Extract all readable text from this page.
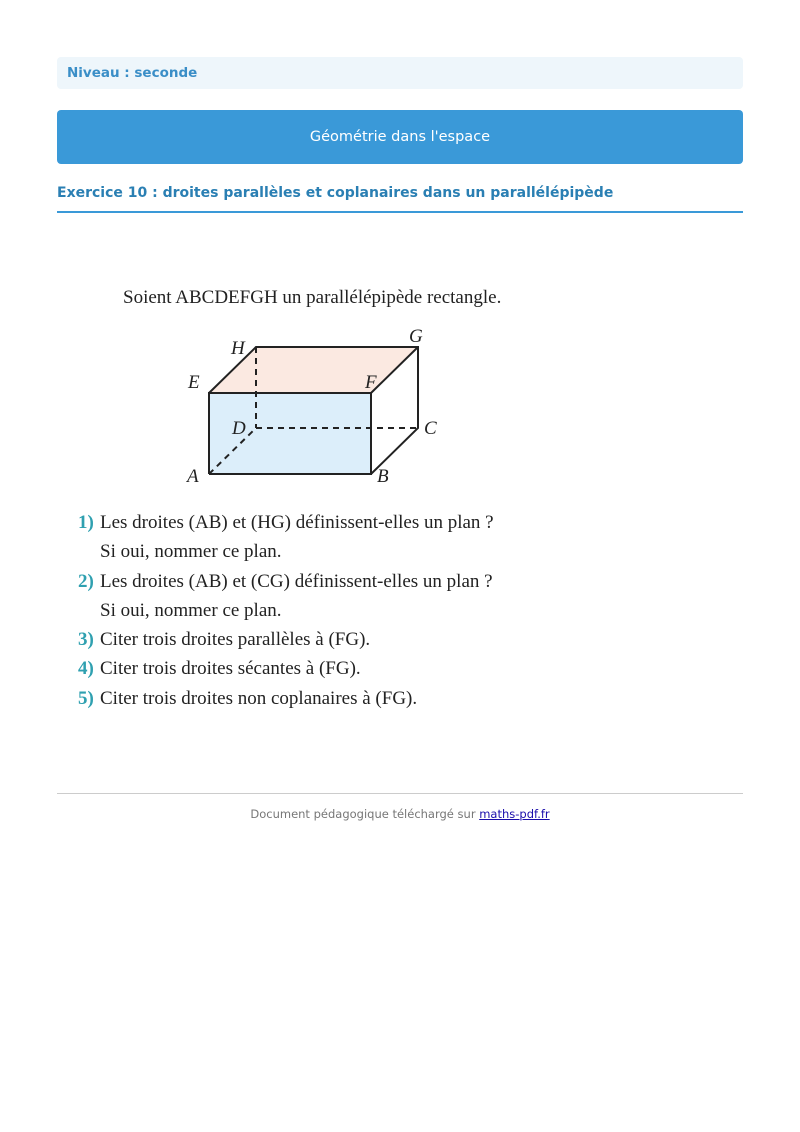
Niveau : seconde
Géométrie dans l'espace
Exercice 10 : droites parallèles et coplanaires dans un parallélépipède
Soient ABCDEFGH un parallélépipède rectangle.
A	B
C
D
E	F
G
H
1) Les droites (AB) et (HG) définissent-elles un plan ?
Si oui, nommer ce plan.
2) Les droites (AB) et (CG) définissent-elles un plan ?
Si oui, nommer ce plan.
3) Citer trois droites parallèles à (FG).
4) Citer trois droites sécantes à (FG).
5) Citer trois droites non coplanaires à (FG).
Document pédagogique téléchargé sur maths-pdf.fr
